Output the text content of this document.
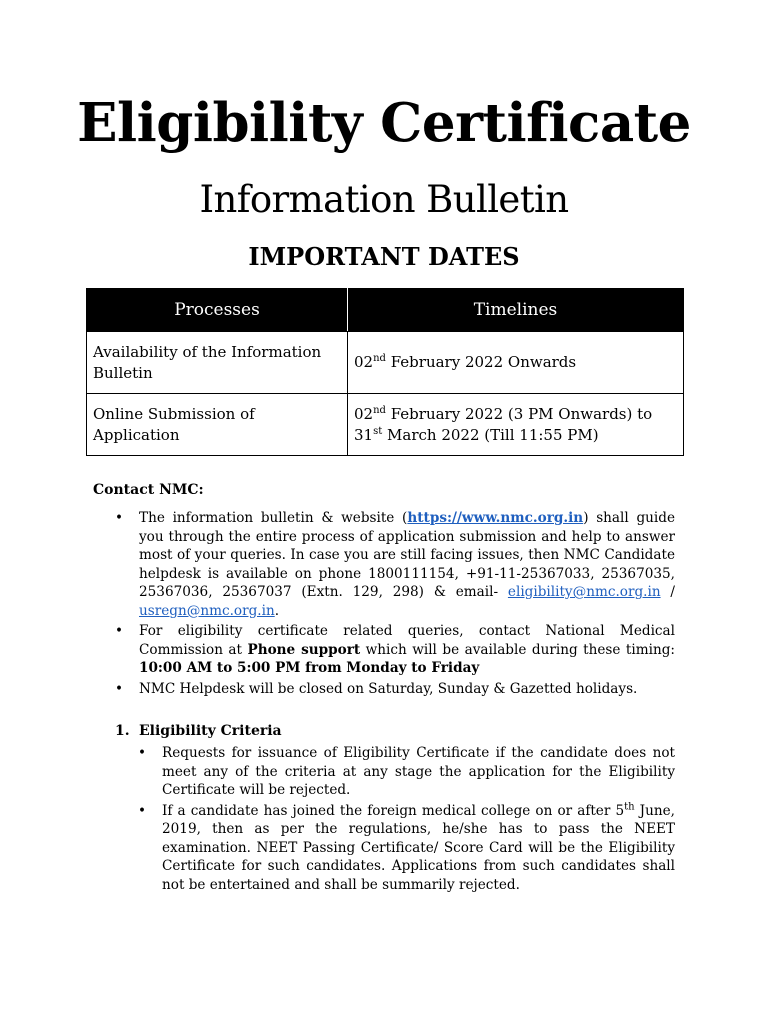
Eligibility Certificate
Information Bulletin
IMPORTANT DATES
Processes	Timelines
Availability of the Information Bulletin	02nd February 2022 Onwards
Online Submission of Application	02nd February 2022 (3 PM Onwards) to
31st March 2022 (Till 11:55 PM)
Contact NMC:
• The information bulletin & website (https://www.nmc.org.in) shall guide you through the entire process of application submission and help to answer most of your queries. In case you are still facing issues, then NMC Candidate helpdesk is available on phone 1800111154, +91-11-25367033, 25367035, 25367036, 25367037 (Extn. 129, 298) & email- eligibility@nmc.org.in / usregn@nmc.org.in.
• For eligibility certificate related queries, contact National Medical Commission at Phone support which will be available during these timing: 10:00 AM to 5:00 PM from Monday to Friday
• NMC Helpdesk will be closed on Saturday, Sunday & Gazetted holidays.
1. Eligibility Criteria
• Requests for issuance of Eligibility Certificate if the candidate does not meet any of the criteria at any stage the application for the Eligibility Certificate will be rejected.
• If a candidate has joined the foreign medical college on or after 5th June, 2019, then as per the regulations, he/she has to pass the NEET examination. NEET Passing Certificate/ Score Card will be the Eligibility Certificate for such candidates. Applications from such candidates shall not be entertained and shall be summarily rejected.
